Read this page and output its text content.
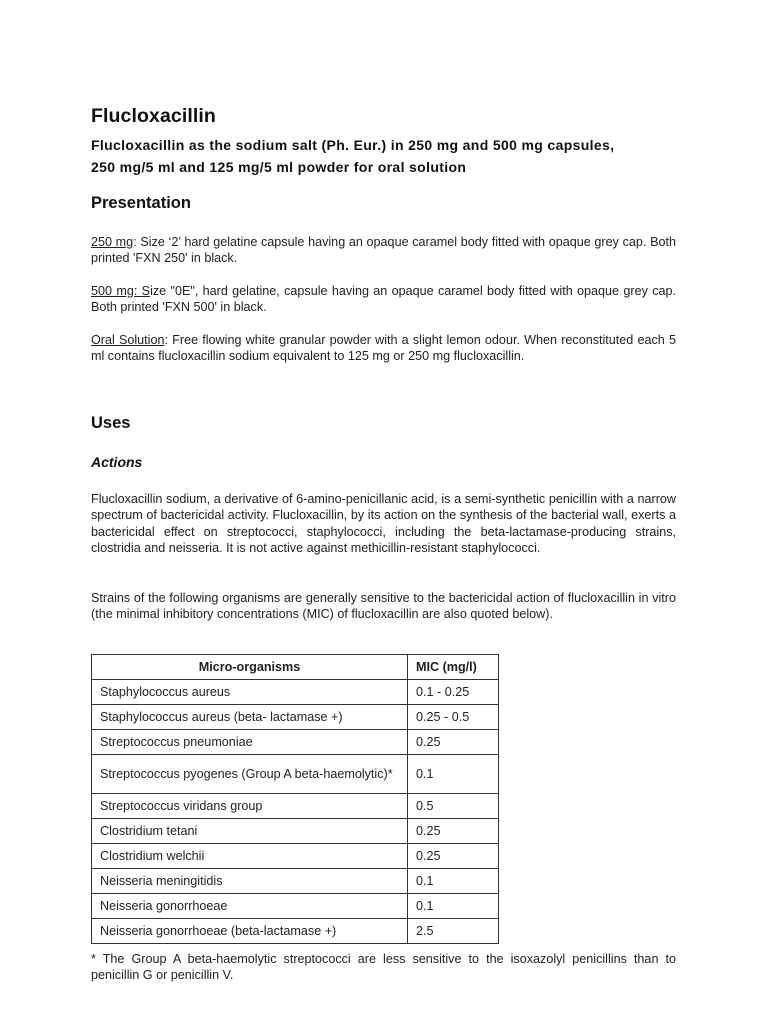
Flucloxacillin
Flucloxacillin as the sodium salt (Ph. Eur.) in 250 mg and 500 mg capsules,
250 mg/5 ml and 125 mg/5 ml powder for oral solution
Presentation

250 mg: Size ‘2’ hard gelatine capsule having an opaque caramel body fitted with opaque grey cap. Both printed 'FXN 250' in black.

500 mg: Size "0E", hard gelatine, capsule having an opaque caramel body fitted with opaque grey cap. Both printed 'FXN 500' in black.

Oral Solution: Free flowing white granular powder with a slight lemon odour. When reconstituted each 5 ml contains flucloxacillin sodium equivalent to 125 mg or 250 mg flucloxacillin.

Uses
Actions

Flucloxacillin sodium, a derivative of 6-amino-penicillanic acid, is a semi-synthetic penicillin with a narrow spectrum of bactericidal activity. Flucloxacillin, by its action on the synthesis of the bacterial wall, exerts a bactericidal effect on streptococci, staphylococci, including the beta-lactamase-producing strains, clostridia and neisseria. It is not active against methicillin-resistant staphylococci.

Strains of the following organisms are generally sensitive to the bactericidal action of flucloxacillin in vitro (the minimal inhibitory concentrations (MIC) of flucloxacillin are also quoted below).

Micro-organisms	MIC (mg/l)
Staphylococcus aureus	0.1 - 0.25
Staphylococcus aureus (beta- lactamase +)	0.25 - 0.5
Streptococcus pneumoniae	0.25
Streptococcus pyogenes (Group A beta-haemolytic)*	0.1
Streptococcus viridans group	0.5
Clostridium tetani	0.25
Clostridium welchii	0.25
Neisseria meningitidis	0.1
Neisseria gonorrhoeae	0.1
Neisseria gonorrhoeae (beta-lactamase +)	2.5

* The Group A beta-haemolytic streptococci are less sensitive to the isoxazolyl penicillins than to penicillin G or penicillin V.
